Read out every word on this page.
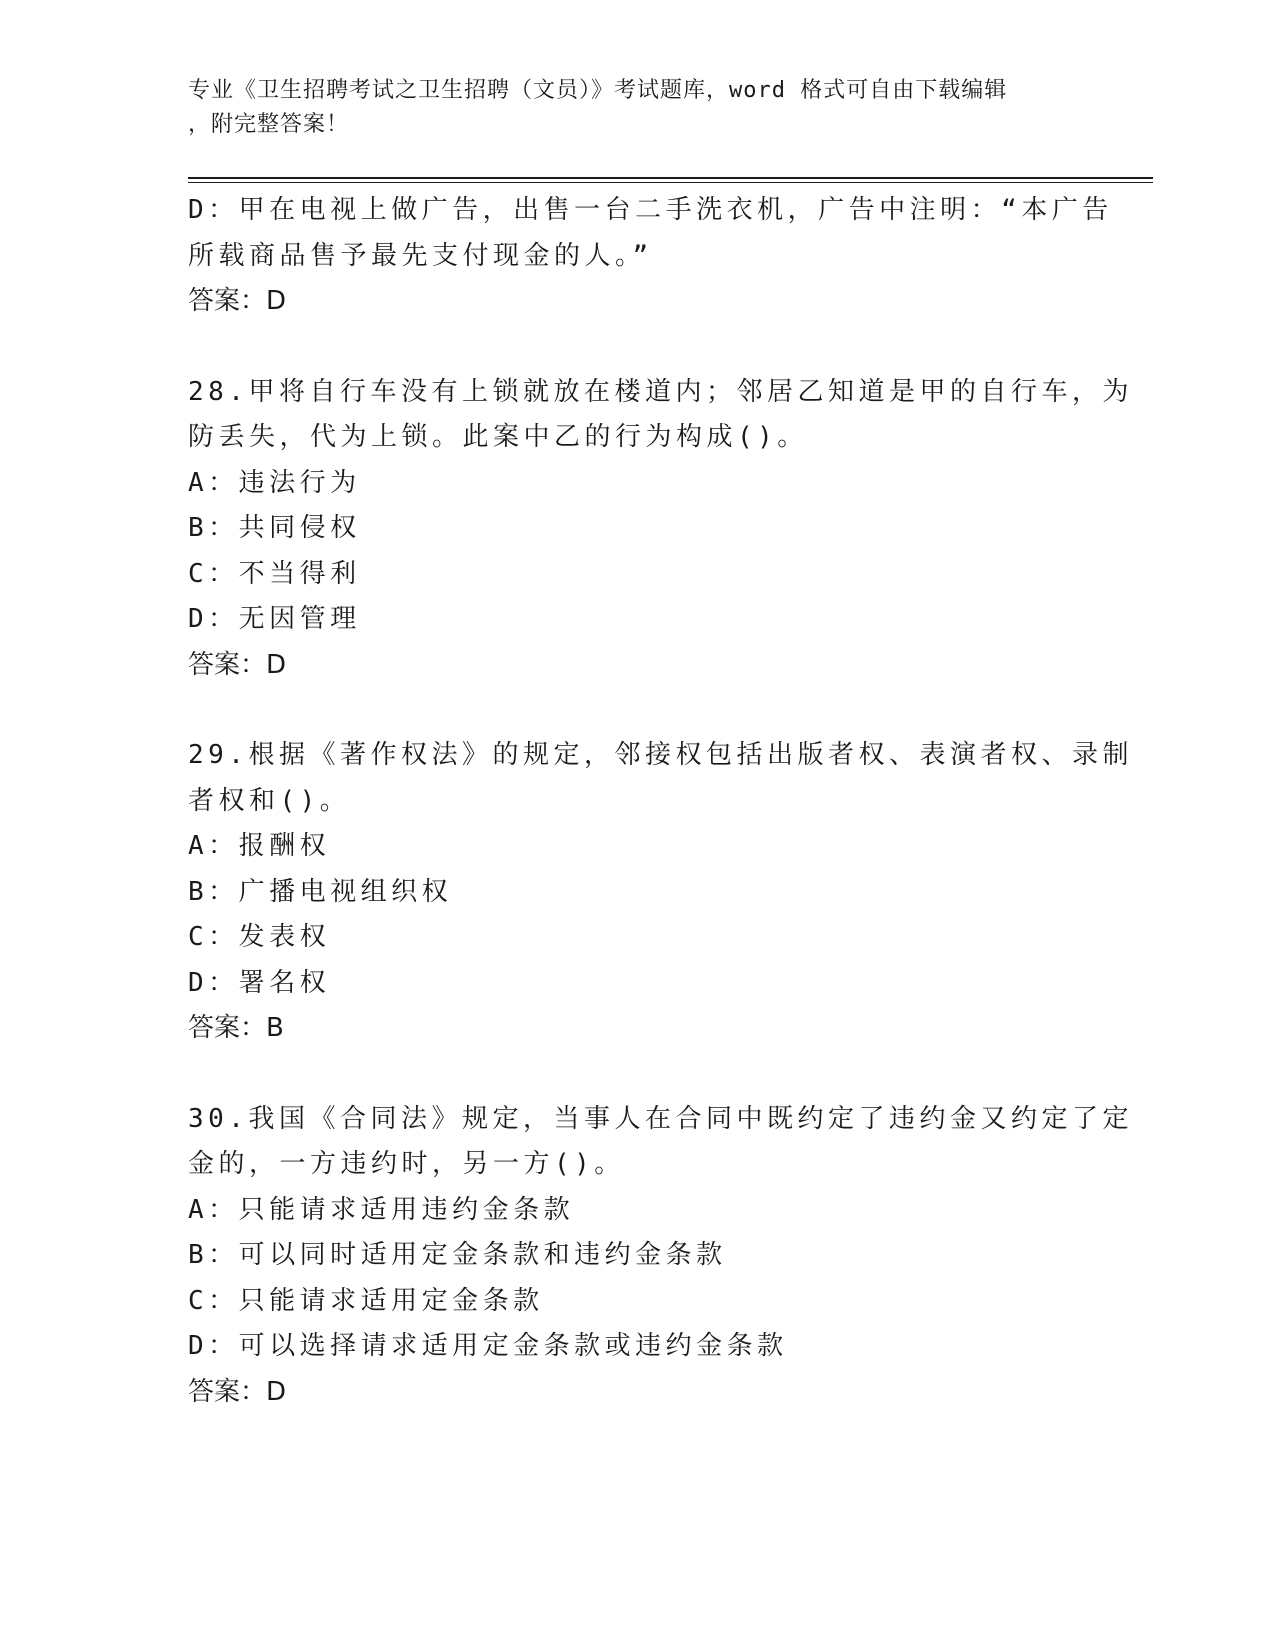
专业《卫生招聘考试之卫生招聘（文员）》考试题库，word 格式可自由下载编辑
，附完整答案！
D：甲在电视上做广告，出售一台二手洗衣机，广告中注明：“本广告
所载商品售予最先支付现金的人。”
答案：D
28.甲将自行车没有上锁就放在楼道内；邻居乙知道是甲的自行车，为
防丢失，代为上锁。此案中乙的行为构成()。
A：违法行为
B：共同侵权
C：不当得利
D：无因管理
答案：D
29.根据《著作权法》的规定，邻接权包括出版者权、表演者权、录制
者权和()。
A：报酬权
B：广播电视组织权
C：发表权
D：署名权
答案：B
30.我国《合同法》规定，当事人在合同中既约定了违约金又约定了定
金的，一方违约时，另一方()。
A：只能请求适用违约金条款
B：可以同时适用定金条款和违约金条款
C：只能请求适用定金条款
D：可以选择请求适用定金条款或违约金条款
答案：D
